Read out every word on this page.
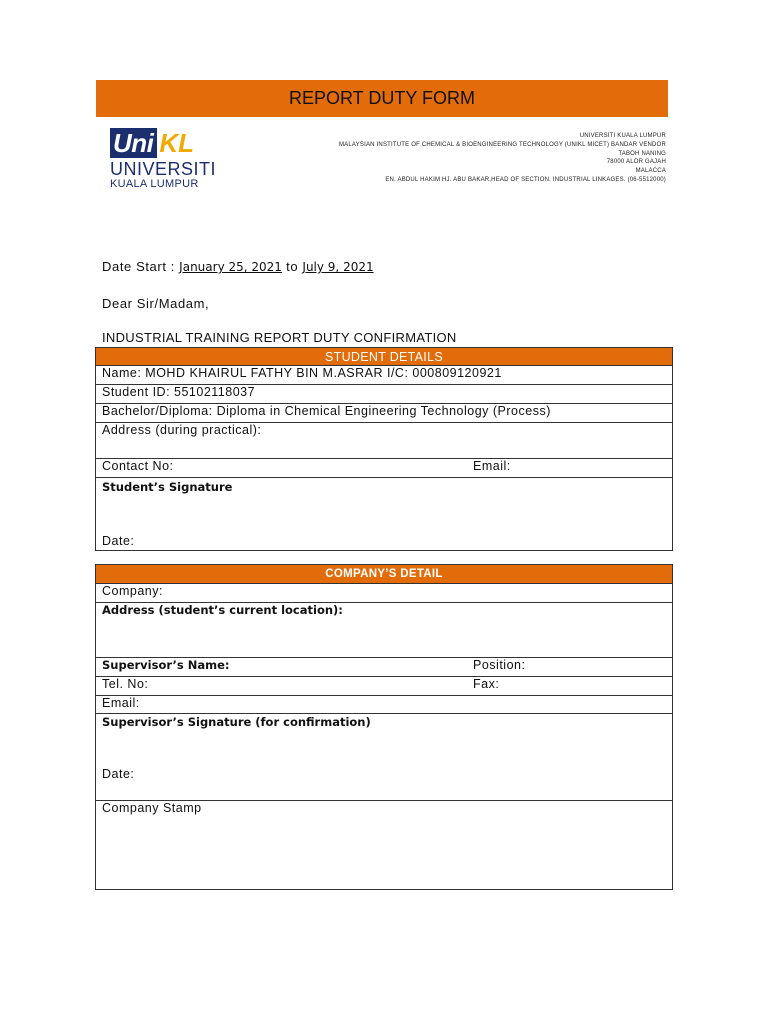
REPORT DUTY FORM
Uni KL
UNIVERSITI
KUALA LUMPUR
UNIVERSITI KUALA LUMPUR
MALAYSIAN INSTITUTE OF CHEMICAL & BIOENGINEERING TECHNOLOGY (UNIKL MICET) BANDAR VENDOR
TABOH NANING
78000 ALOR GAJAH
MALACCA
EN. ABDUL HAKIM HJ. ABU BAKAR,HEAD OF SECTION. INDUSTRIAL LINKAGES. (06-5512000)
Date Start : January 25, 2021 to July 9, 2021
Dear Sir/Madam,
INDUSTRIAL TRAINING REPORT DUTY CONFIRMATION
STUDENT DETAILS
Name: MOHD KHAIRUL FATHY BIN M.ASRAR I/C: 000809120921
Student ID: 55102118037
Bachelor/Diploma: Diploma in Chemical Engineering Technology (Process)
Address (during practical):

Contact No:	Email:

Student’s Signature
Date:
COMPANY’S DETAIL
Company:
Address (student’s current location):

Supervisor’s Name:	Position:

Tel. No:	Fax:

Email:

Supervisor’s Signature (for confirmation)
Date:

Company Stamp
